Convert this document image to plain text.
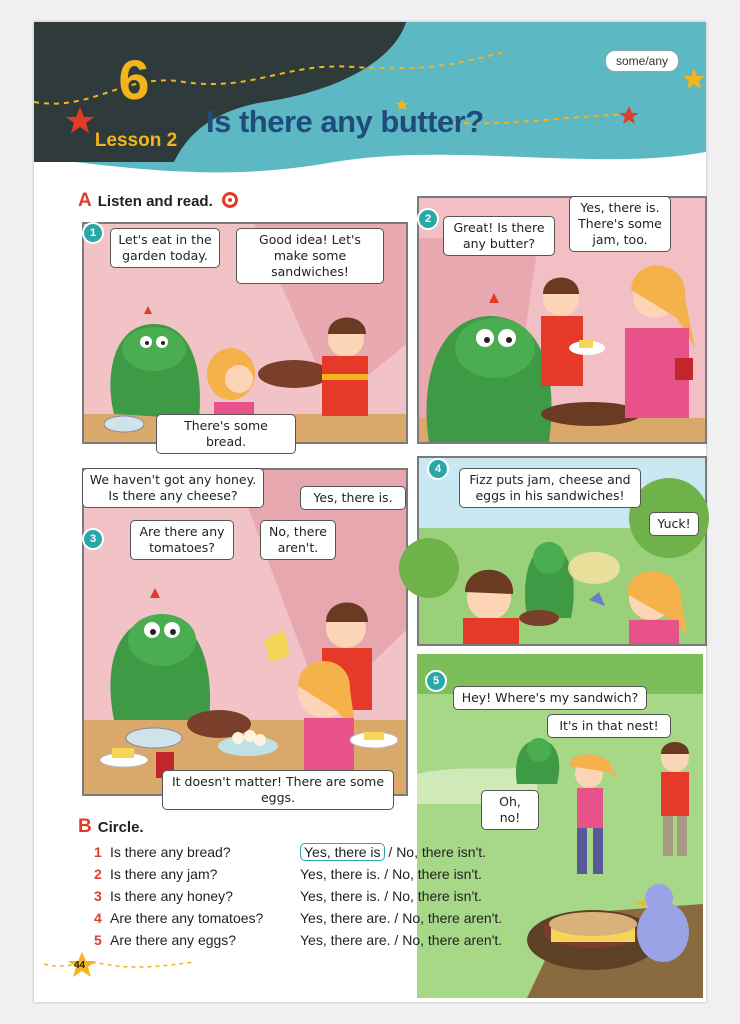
6
Lesson 2
Is there any butter?
some/any
A Listen and read.
1	Let's eat in the garden today.
Good idea! Let's make some sandwiches!
There's some bread.
2
Great! Is there any butter?
Yes, there is. There's some jam, too.
3
We haven't got any honey. Is there any cheese?	Yes, there is.
Are there any tomatoes?
No, there aren't.
It doesn't matter! There are some eggs.
4
Fizz puts jam, cheese and eggs in his sandwiches!
Yuck!
5
Hey! Where's my sandwich?
It's in that nest!
Oh, no!
B Circle.
1 Is there any bread?	Yes, there is / No, there isn't.
2 Is there any jam?	Yes, there is. / No, there isn't.
3 Is there any honey?	Yes, there is. / No, there isn't.
4 Are there any tomatoes?	Yes, there are. / No, there aren't.
5 Are there any eggs?	Yes, there are. / No, there aren't.
44
